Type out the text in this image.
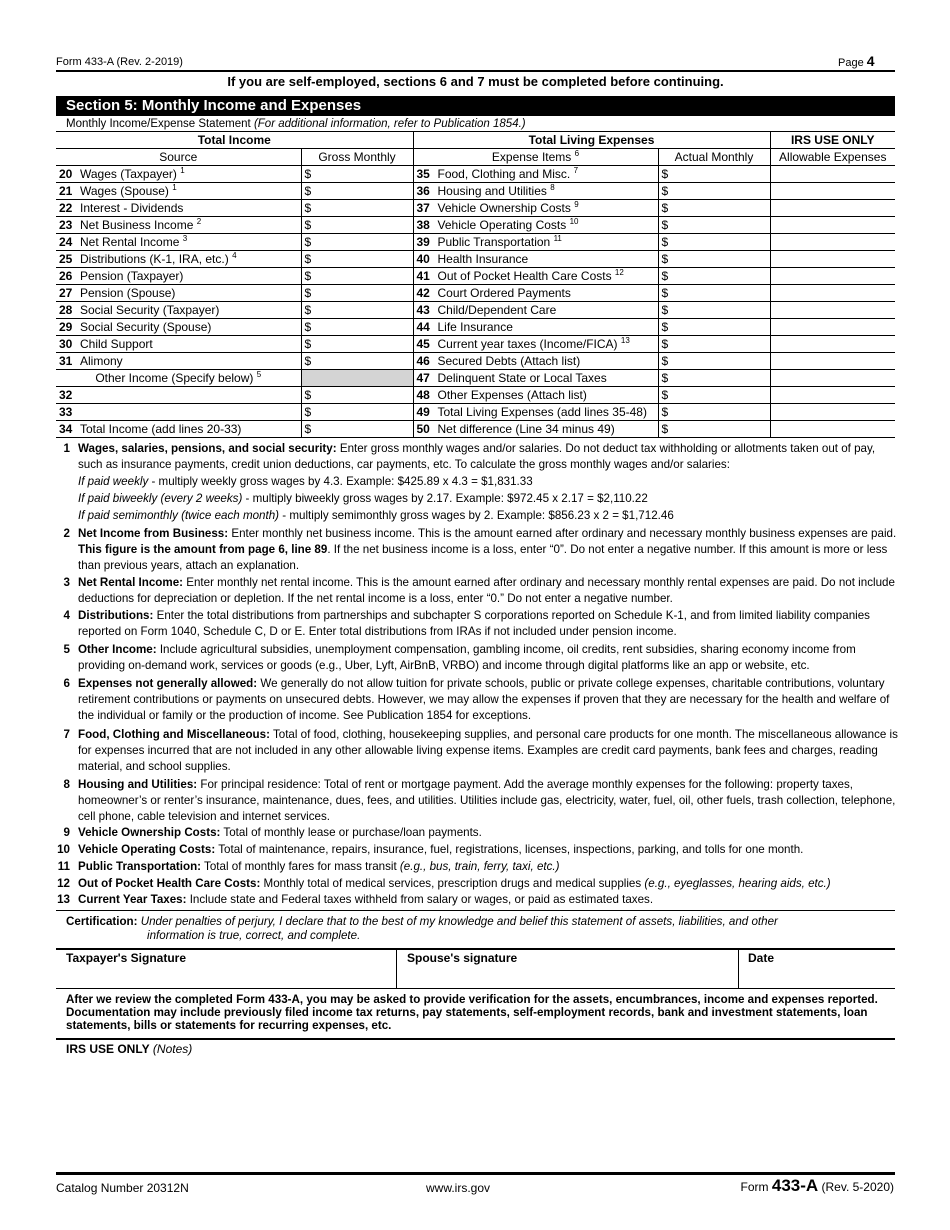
Form 433-A (Rev. 2-2019)	Page 4
If you are self-employed, sections 6 and 7 must be completed before continuing.
Section 5: Monthly Income and Expenses
Monthly Income/Expense Statement (For additional information, refer to Publication 1854.)
Total Income		Total Living Expenses		IRS USE ONLY
Source	Gross Monthly	Expense Items $^6$	Actual Monthly	Allowable Expenses
20 Wages (Taxpayer) $^1$	$	35 Food, Clothing and Misc. $^7$	$	
21 Wages (Spouse) $^1$	$	36 Housing and Utilities $^8$	$	
22 Interest - Dividends	$	37 Vehicle Ownership Costs $^9$	$	
23 Net Business Income $^2$	$	38 Vehicle Operating Costs $^{10}$	$	
24 Net Rental Income $^3$	$	39 Public Transportation $^{11}$	$	
25 Distributions (K-1, IRA, etc.) $^4$	$	40 Health Insurance	$	
26 Pension (Taxpayer)	$	41 Out of Pocket Health Care Costs $^{12}$	$	
27 Pension (Spouse)	$	42 Court Ordered Payments	$	
28 Social Security (Taxpayer)	$	43 Child/Dependent Care	$	
29 Social Security (Spouse)	$	44 Life Insurance	$	
30 Child Support	$	45 Current year taxes (Income/FICA) $^{13}$	$	
31 Alimony	$	46 Secured Debts (Attach list)	$	
Other Income (Specify below) $^5$		47 Delinquent State or Local Taxes	$	
32	$	48 Other Expenses (Attach list)	$	
33	$	49 Total Living Expenses (add lines 35-48)	$	
34 Total Income (add lines 20-33)	$	50 Net difference (Line 34 minus 49)	$	
1 Wages, salaries, pensions, and social security: Enter gross monthly wages and/or salaries. Do not deduct tax withholding or allotments taken out of pay, such as insurance payments, credit union deductions, car payments, etc. To calculate the gross monthly wages and/or salaries:
If paid weekly - multiply weekly gross wages by 4.3. Example: $425.89 x 4.3 = $1,831.33
If paid biweekly (every 2 weeks) - multiply biweekly gross wages by 2.17. Example: $972.45 x 2.17 = $2,110.22
If paid semimonthly (twice each month) - multiply semimonthly gross wages by 2. Example: $856.23 x 2 = $1,712.46
2 Net Income from Business: Enter monthly net business income. This is the amount earned after ordinary and necessary monthly business expenses are paid. This figure is the amount from page 6, line 89. If the net business income is a loss, enter “0”. Do not enter a negative number. If this amount is more or less than previous years, attach an explanation.
3 Net Rental Income: Enter monthly net rental income. This is the amount earned after ordinary and necessary monthly rental expenses are paid. Do not include deductions for depreciation or depletion. If the net rental income is a loss, enter “0.” Do not enter a negative number.
4 Distributions: Enter the total distributions from partnerships and subchapter S corporations reported on Schedule K-1, and from limited liability companies reported on Form 1040, Schedule C, D or E. Enter total distributions from IRAs if not included under pension income.
5 Other Income: Include agricultural subsidies, unemployment compensation, gambling income, oil credits, rent subsidies, sharing economy income from providing on-demand work, services or goods (e.g., Uber, Lyft, AirBnB, VRBO) and income through digital platforms like an app or website, etc.
6 Expenses not generally allowed: We generally do not allow tuition for private schools, public or private college expenses, charitable contributions, voluntary retirement contributions or payments on unsecured debts. However, we may allow the expenses if proven that they are necessary for the health and welfare of the individual or family or the production of income. See Publication 1854 for exceptions.
7 Food, Clothing and Miscellaneous: Total of food, clothing, housekeeping supplies, and personal care products for one month. The miscellaneous allowance is for expenses incurred that are not included in any other allowable living expense items. Examples are credit card payments, bank fees and charges, reading material, and school supplies.
8 Housing and Utilities: For principal residence: Total of rent or mortgage payment. Add the average monthly expenses for the following: property taxes, homeowner’s or renter’s insurance, maintenance, dues, fees, and utilities. Utilities include gas, electricity, water, fuel, oil, other fuels, trash collection, telephone, cell phone, cable television and internet services.
9 Vehicle Ownership Costs: Total of monthly lease or purchase/loan payments.
10 Vehicle Operating Costs: Total of maintenance, repairs, insurance, fuel, registrations, licenses, inspections, parking, and tolls for one month.
11 Public Transportation: Total of monthly fares for mass transit (e.g., bus, train, ferry, taxi, etc.)
12 Out of Pocket Health Care Costs: Monthly total of medical services, prescription drugs and medical supplies (e.g., eyeglasses, hearing aids, etc.)
13 Current Year Taxes: Include state and Federal taxes withheld from salary or wages, or paid as estimated taxes.
Certification: Under penalties of perjury, I declare that to the best of my knowledge and belief this statement of assets, liabilities, and other
information is true, correct, and complete.
Taxpayer's Signature	Spouse's signature	Date
After we review the completed Form 433-A, you may be asked to provide verification for the assets, encumbrances, income and expenses reported. Documentation may include previously filed income tax returns, pay statements, self-employment records, bank and investment statements, loan statements, bills or statements for recurring expenses, etc.
IRS USE ONLY (Notes)
Catalog Number 20312N	www.irs.gov	Form 433-A (Rev. 5-2020)
